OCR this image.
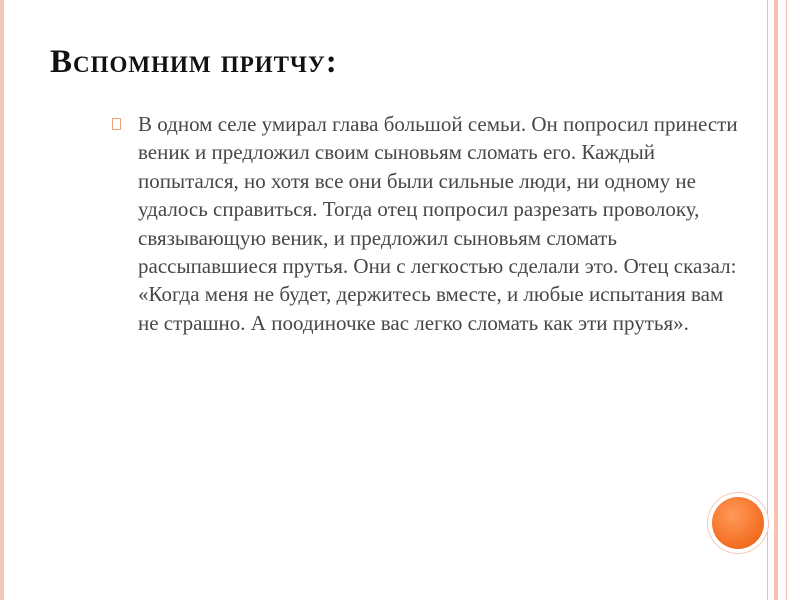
Вспомним притчу:

В одном селе умирал глава большой семьи. Он попросил принести веник и предложил своим сыновьям сломать его. Каждый попытался, но хотя все они были сильные люди, ни одному не удалось справиться. Тогда отец попросил разрезать проволоку, связывающую веник, и предложил сыновьям сломать рассыпавшиеся прутья. Они с легкостью сделали это. Отец сказал: «Когда меня не будет, держитесь вместе, и любые испытания вам не страшно. А поодиночке вас легко сломать как эти прутья».
